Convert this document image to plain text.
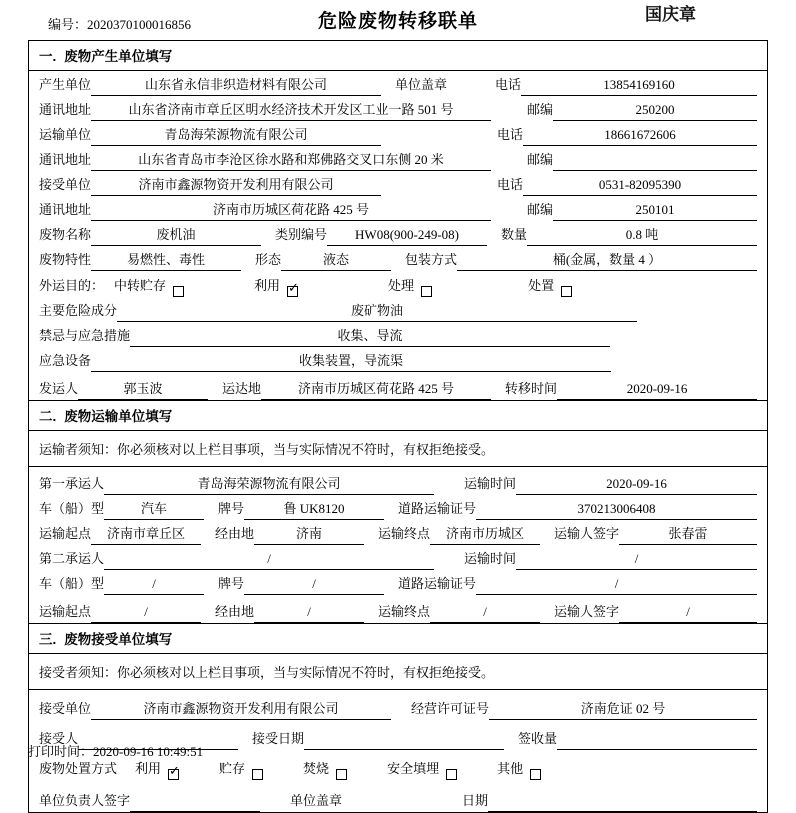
编号：2020370100016856	危险废物转移联单	国庆章
一. 废物产生单位填写
产生单位	山东省永信非织造材料有限公司	单位盖章	电话	13854169160
通讯地址	山东省济南市章丘区明水经济技术开发区工业一路 501 号	邮编	250200
运输单位	青岛海荣源物流有限公司	电话	18661672606
通讯地址	山东省青岛市李沧区徐水路和郑佛路交叉口东侧 20 米	邮编
接受单位	济南市鑫源物资开发利用有限公司	电话	0531-82095390
通讯地址	济南市历城区荷花路 425 号	邮编	250101
废物名称	废机油	类别编号	HW08(900-249-08)	数量	0.8 吨
废物特性	易燃性、毒性	形态	液态	包装方式	桶(金属，数量 4 ）
外运目的： 中转贮存	利用 ✓	处理	处置
主要危险成分	废矿物油
禁忌与应急措施	收集、导流
应急设备	收集装置，导流渠
发运人	郭玉波	运达地	济南市历城区荷花路 425 号	转移时间	2020-09-16
二. 废物运输单位填写
运输者须知：你必须核对以上栏目事项，当与实际情况不符时，有权拒绝接受。
第一承运人	青岛海荣源物流有限公司	运输时间	2020-09-16
车（船）型	汽车	牌号	鲁 UK8120	道路运输证号	370213006408
运输起点	济南市章丘区	经由地	济南	运输终点	济南市历城区	运输人签字	张春雷
第二承运人	/	运输时间	/
车（船）型	/	牌号	/	道路运输证号	/
运输起点	/	经由地	/	运输终点	/	运输人签字	/
三. 废物接受单位填写
接受者须知：你必须核对以上栏目事项，当与实际情况不符时，有权拒绝接受。
接受单位	济南市鑫源物资开发利用有限公司	经营许可证号	济南危证 02 号
接受人	接受日期	签收量
废物处置方式 利用 ✓	贮存	焚烧	安全填埋	其他
单位负责人签字	单位盖章	日期
打印时间：2020-09-16 10:49:51
